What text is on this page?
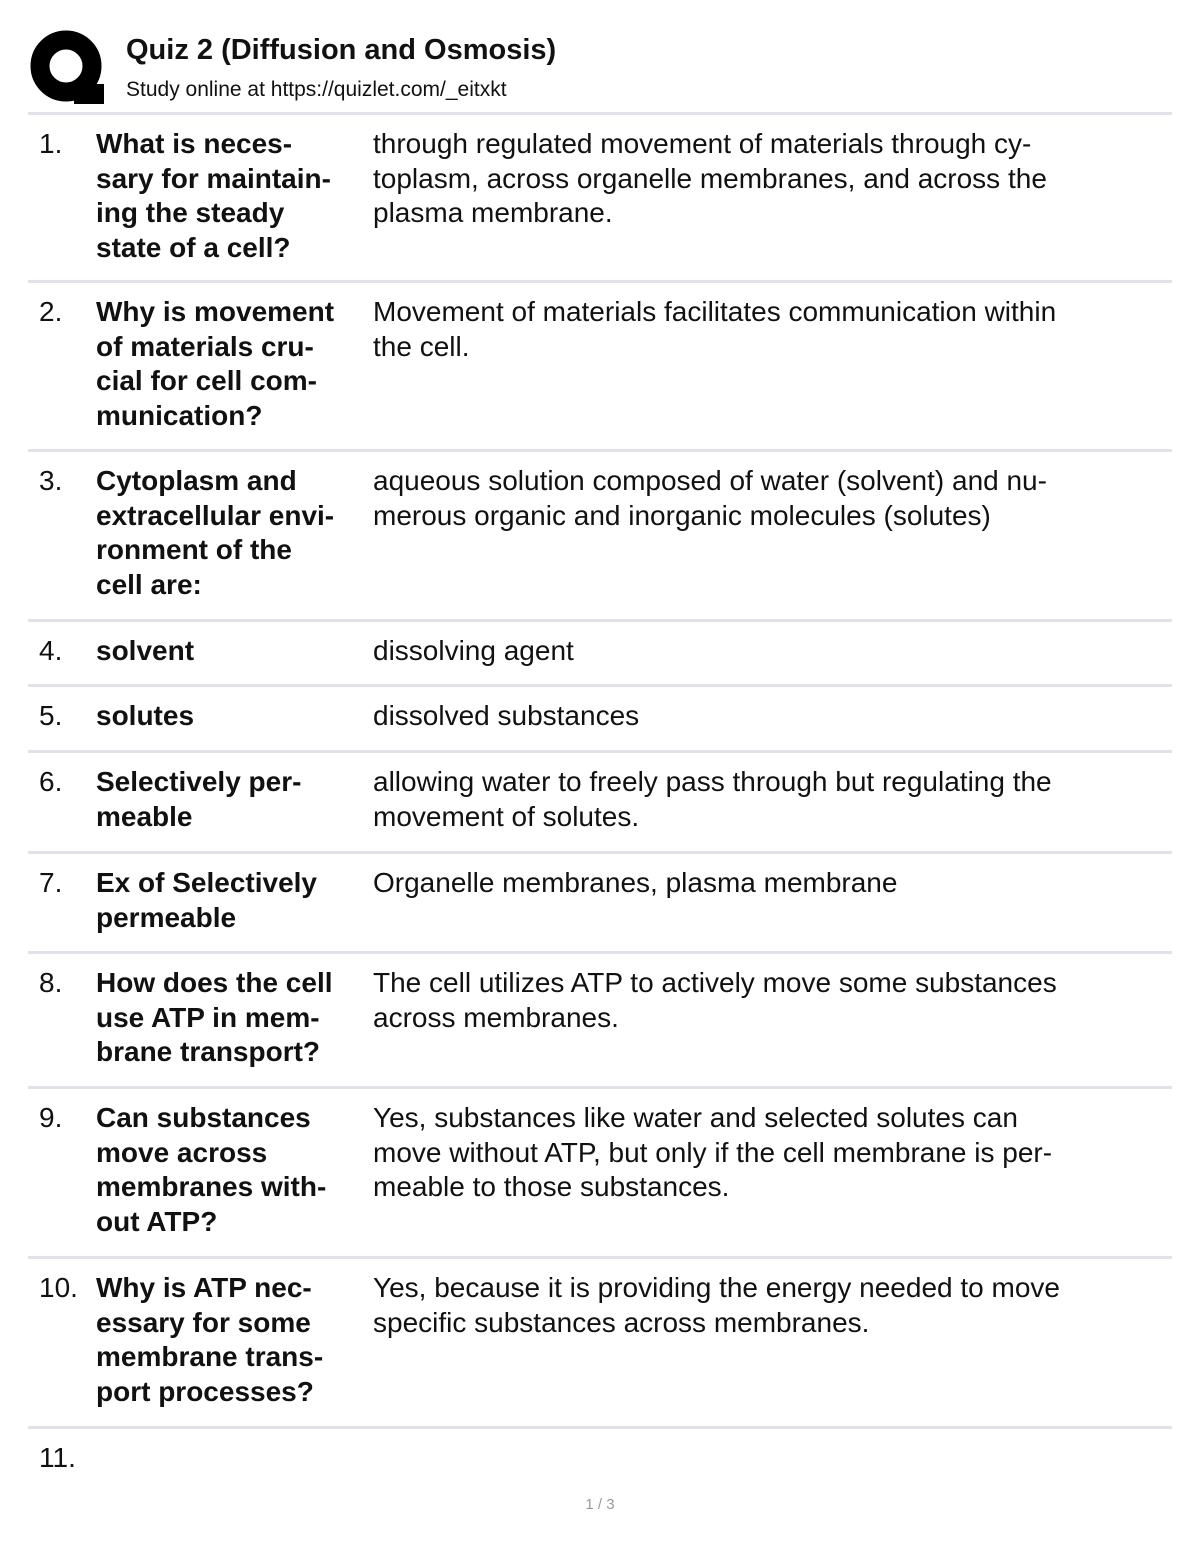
Quiz 2 (Diffusion and Osmosis)
Study online at https://quizlet.com/_eitxkt
1. What is neces-
sary for maintain-
ing the steady
state of a cell?
through regulated movement of materials through cy-
toplasm, across organelle membranes, and across the
plasma membrane.
2. Why is movement
of materials cru-
cial for cell com-
munication?
Movement of materials facilitates communication within
the cell.
3. Cytoplasm and
extracellular envi-
ronment of the
cell are:
aqueous solution composed of water (solvent) and nu-
merous organic and inorganic molecules (solutes)
4. solvent	dissolving agent
5. solutes	dissolved substances
6. Selectively per-
meable
allowing water to freely pass through but regulating the
movement of solutes.
7. Ex of Selectively
permeable
Organelle membranes, plasma membrane
8. How does the cell
use ATP in mem-
brane transport?
The cell utilizes ATP to actively move some substances
across membranes.
9. Can substances
move across
membranes with-
out ATP?
Yes, substances like water and selected solutes can
move without ATP, but only if the cell membrane is per-
meable to those substances.
10. Why is ATP nec-
essary for some
membrane trans-
port processes?
Yes, because it is providing the energy needed to move
specific substances across membranes.
11.
1 / 3
